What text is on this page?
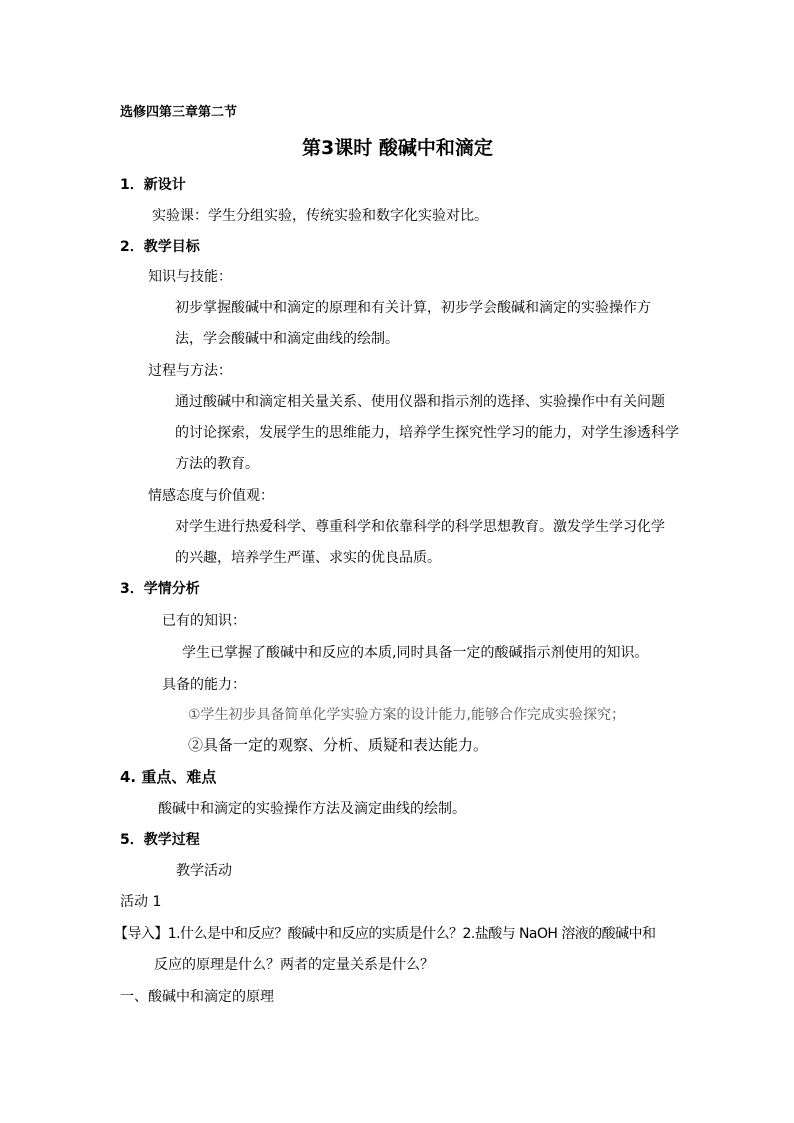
选修四第三章第二节
第3课时 酸碱中和滴定
1．新设计
实验课：学生分组实验，传统实验和数字化实验对比。
2．教学目标
知识与技能：
初步掌握酸碱中和滴定的原理和有关计算，初步学会酸碱和滴定的实验操作方
法，学会酸碱中和滴定曲线的绘制。
过程与方法：
通过酸碱中和滴定相关量关系、使用仪器和指示剂的选择、实验操作中有关问题
的讨论探索，发展学生的思维能力，培养学生探究性学习的能力，对学生渗透科学
方法的教育。
情感态度与价值观：
对学生进行热爱科学、尊重科学和依靠科学的科学思想教育。激发学生学习化学
的兴趣，培养学生严谨、求实的优良品质。
3．学情分析
已有的知识：
学生已掌握了酸碱中和反应的本质,同时具备一定的酸碱指示剂使用的知识。
具备的能力：
①学生初步具备简单化学实验方案的设计能力,能够合作完成实验探究；
②具备一定的观察、分析、质疑和表达能力。
4. 重点、难点
酸碱中和滴定的实验操作方法及滴定曲线的绘制。
5．教学过程
教学活动
活动 1
【导入】1.什么是中和反应？酸碱中和反应的实质是什么？2.盐酸与 NaOH 溶液的酸碱中和
反应的原理是什么？两者的定量关系是什么？
一、酸碱中和滴定的原理
